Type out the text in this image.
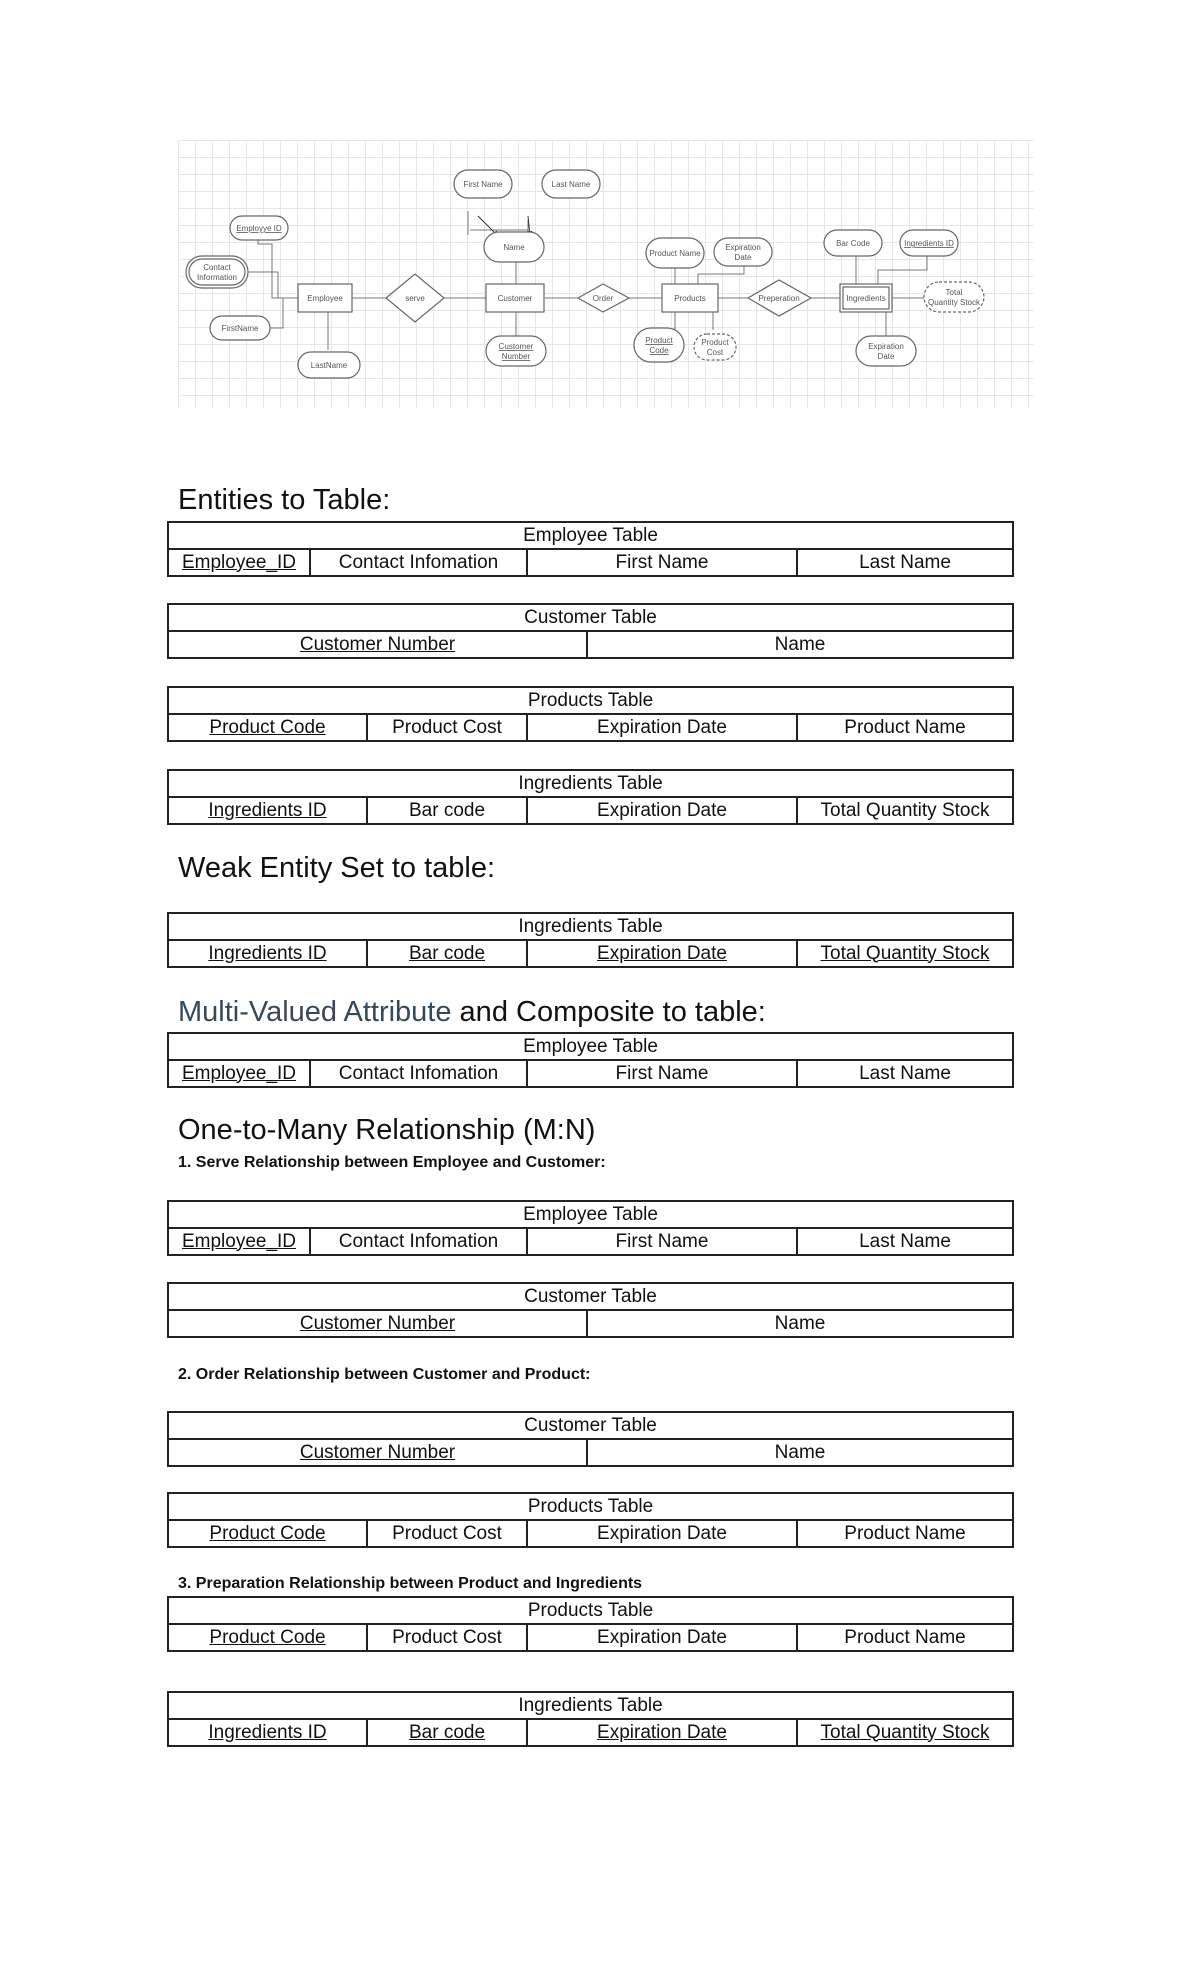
Employye ID
Contact
Information
FirstName
Employee
LastName
serve
First Name	Last Name
Name
Customer
Customer
Number
Order
Product Name
Expiration
Date
Products
Product
Code
Product
Cost
Preperation
Bar Code	Ingredients ID
Ingredients
Total
Quantity Stock
Expiration
Date
Entities to Table:
Employee Table
Employee_ID	Contact Infomation	First Name	Last Name
Customer Table
Customer Number	Name
Products Table
Product Code	Product Cost	Expiration Date	Product Name
Ingredients Table
Ingredients ID	Bar code	Expiration Date	Total Quantity Stock
Weak Entity Set to table:
Ingredients Table
Ingredients ID	Bar code	Expiration Date	Total Quantity Stock
Multi-Valued Attribute and Composite to table:
Employee Table
Employee_ID	Contact Infomation	First Name	Last Name
One-to-Many Relationship (M:N)
1. Serve Relationship between Employee and Customer:
Employee Table
Employee_ID	Contact Infomation	First Name	Last Name
Customer Table
Customer Number	Name
2. Order Relationship between Customer and Product:
Customer Table
Customer Number	Name
Products Table
Product Code	Product Cost	Expiration Date	Product Name
3. Preparation Relationship between Product and Ingredients
Products Table
Product Code	Product Cost	Expiration Date	Product Name
Ingredients Table
Ingredients ID	Bar code	Expiration Date	Total Quantity Stock
